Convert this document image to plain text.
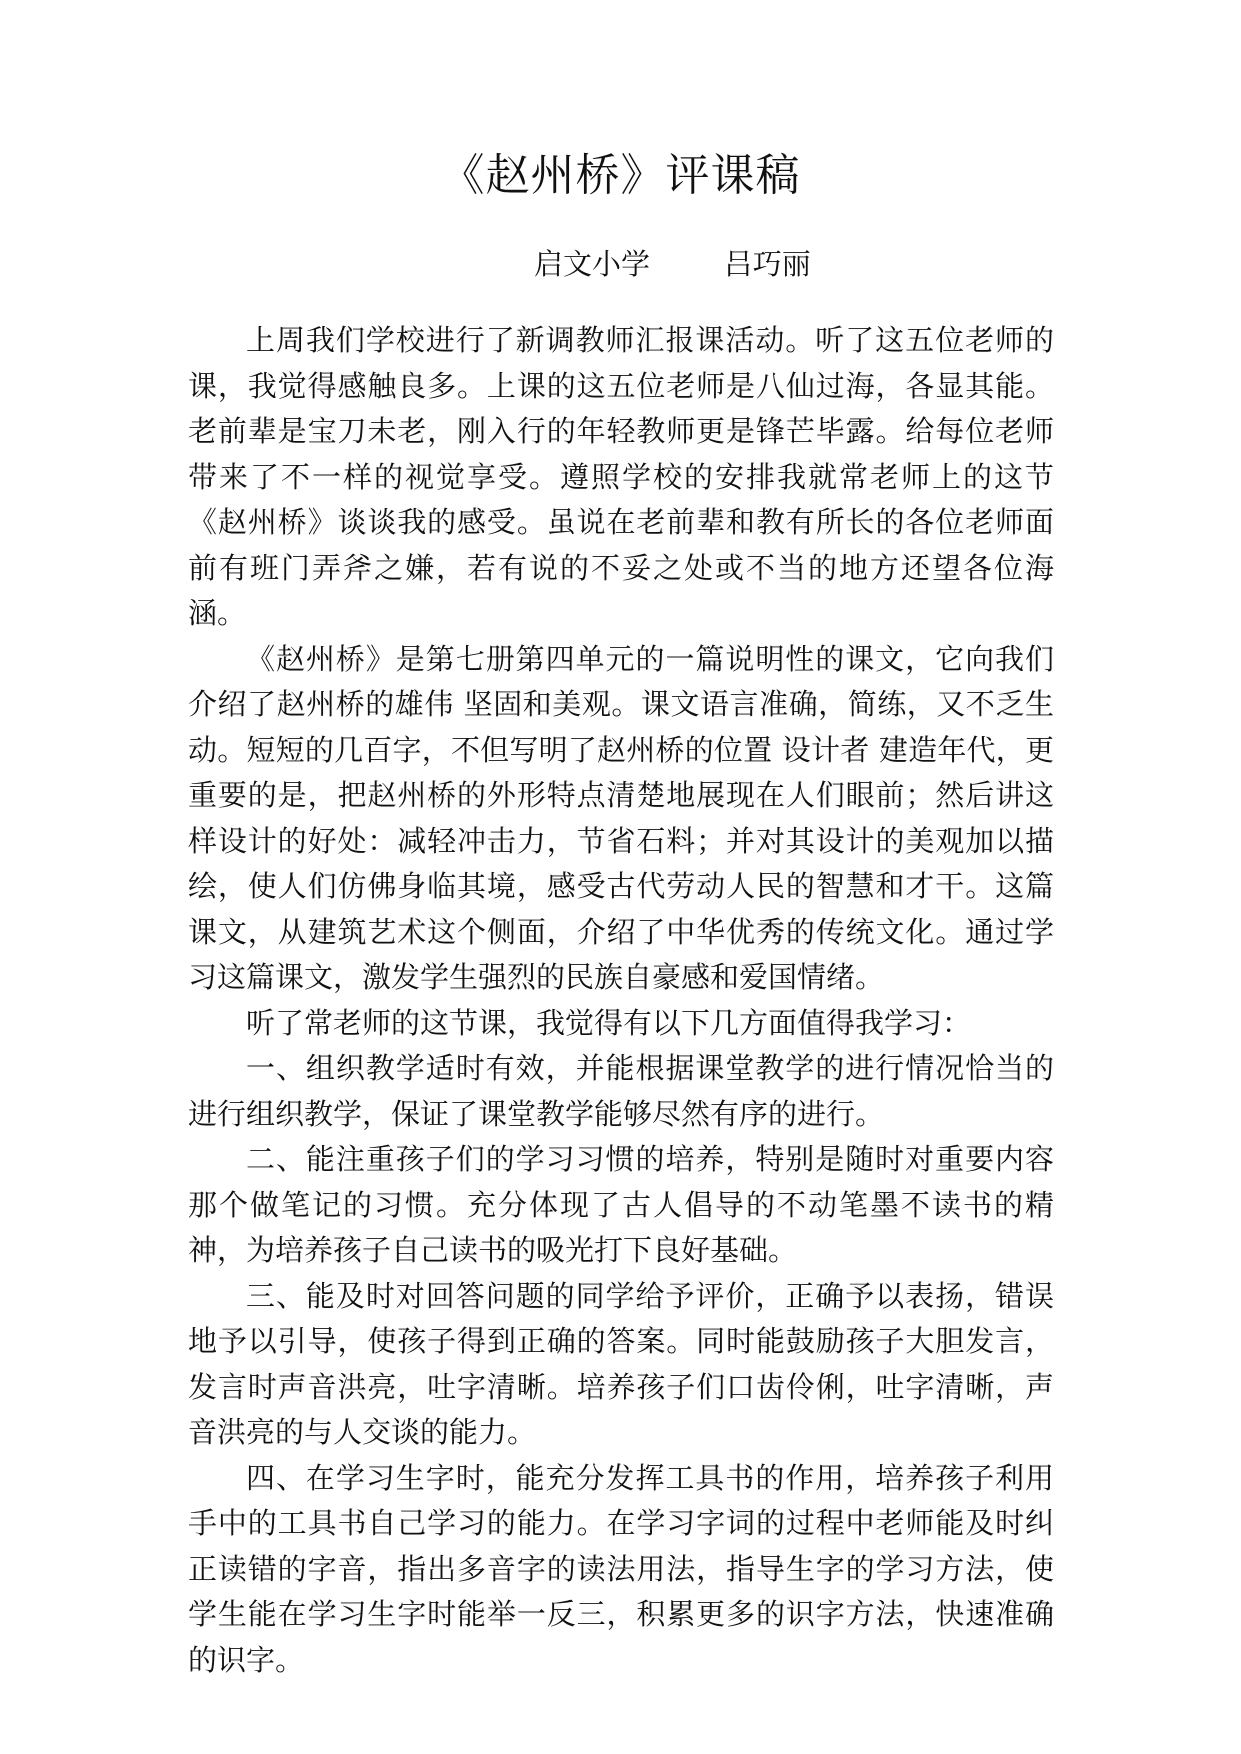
《赵州桥》评课稿
启文小学        吕巧丽

上周我们学校进行了新调教师汇报课活动。听了这五位老师的课，我觉得感触良多。上课的这五位老师是八仙过海，各显其能。老前辈是宝刀未老，刚入行的年轻教师更是锋芒毕露。给每位老师带来了不一样的视觉享受。遵照学校的安排我就常老师上的这节《赵州桥》谈谈我的感受。虽说在老前辈和教有所长的各位老师面前有班门弄斧之嫌，若有说的不妥之处或不当的地方还望各位海涵。

《赵州桥》是第七册第四单元的一篇说明性的课文，它向我们介绍了赵州桥的雄伟 坚固和美观。课文语言准确，简练，又不乏生动。短短的几百字，不但写明了赵州桥的位置 设计者 建造年代，更重要的是，把赵州桥的外形特点清楚地展现在人们眼前；然后讲这样设计的好处：减轻冲击力，节省石料；并对其设计的美观加以描绘，使人们仿佛身临其境，感受古代劳动人民的智慧和才干。这篇课文，从建筑艺术这个侧面，介绍了中华优秀的传统文化。通过学习这篇课文，激发学生强烈的民族自豪感和爱国情绪。

听了常老师的这节课，我觉得有以下几方面值得我学习：

一、组织教学适时有效，并能根据课堂教学的进行情况恰当的进行组织教学，保证了课堂教学能够尽然有序的进行。

二、能注重孩子们的学习习惯的培养，特别是随时对重要内容那个做笔记的习惯。充分体现了古人倡导的不动笔墨不读书的精神，为培养孩子自己读书的吸光打下良好基础。

三、能及时对回答问题的同学给予评价，正确予以表扬，错误地予以引导，使孩子得到正确的答案。同时能鼓励孩子大胆发言，发言时声音洪亮，吐字清晰。培养孩子们口齿伶俐，吐字清晰，声音洪亮的与人交谈的能力。

四、在学习生字时，能充分发挥工具书的作用，培养孩子利用手中的工具书自己学习的能力。在学习字词的过程中老师能及时纠正读错的字音，指出多音字的读法用法，指导生字的学习方法，使学生能在学习生字时能举一反三，积累更多的识字方法，快速准确的识字。
